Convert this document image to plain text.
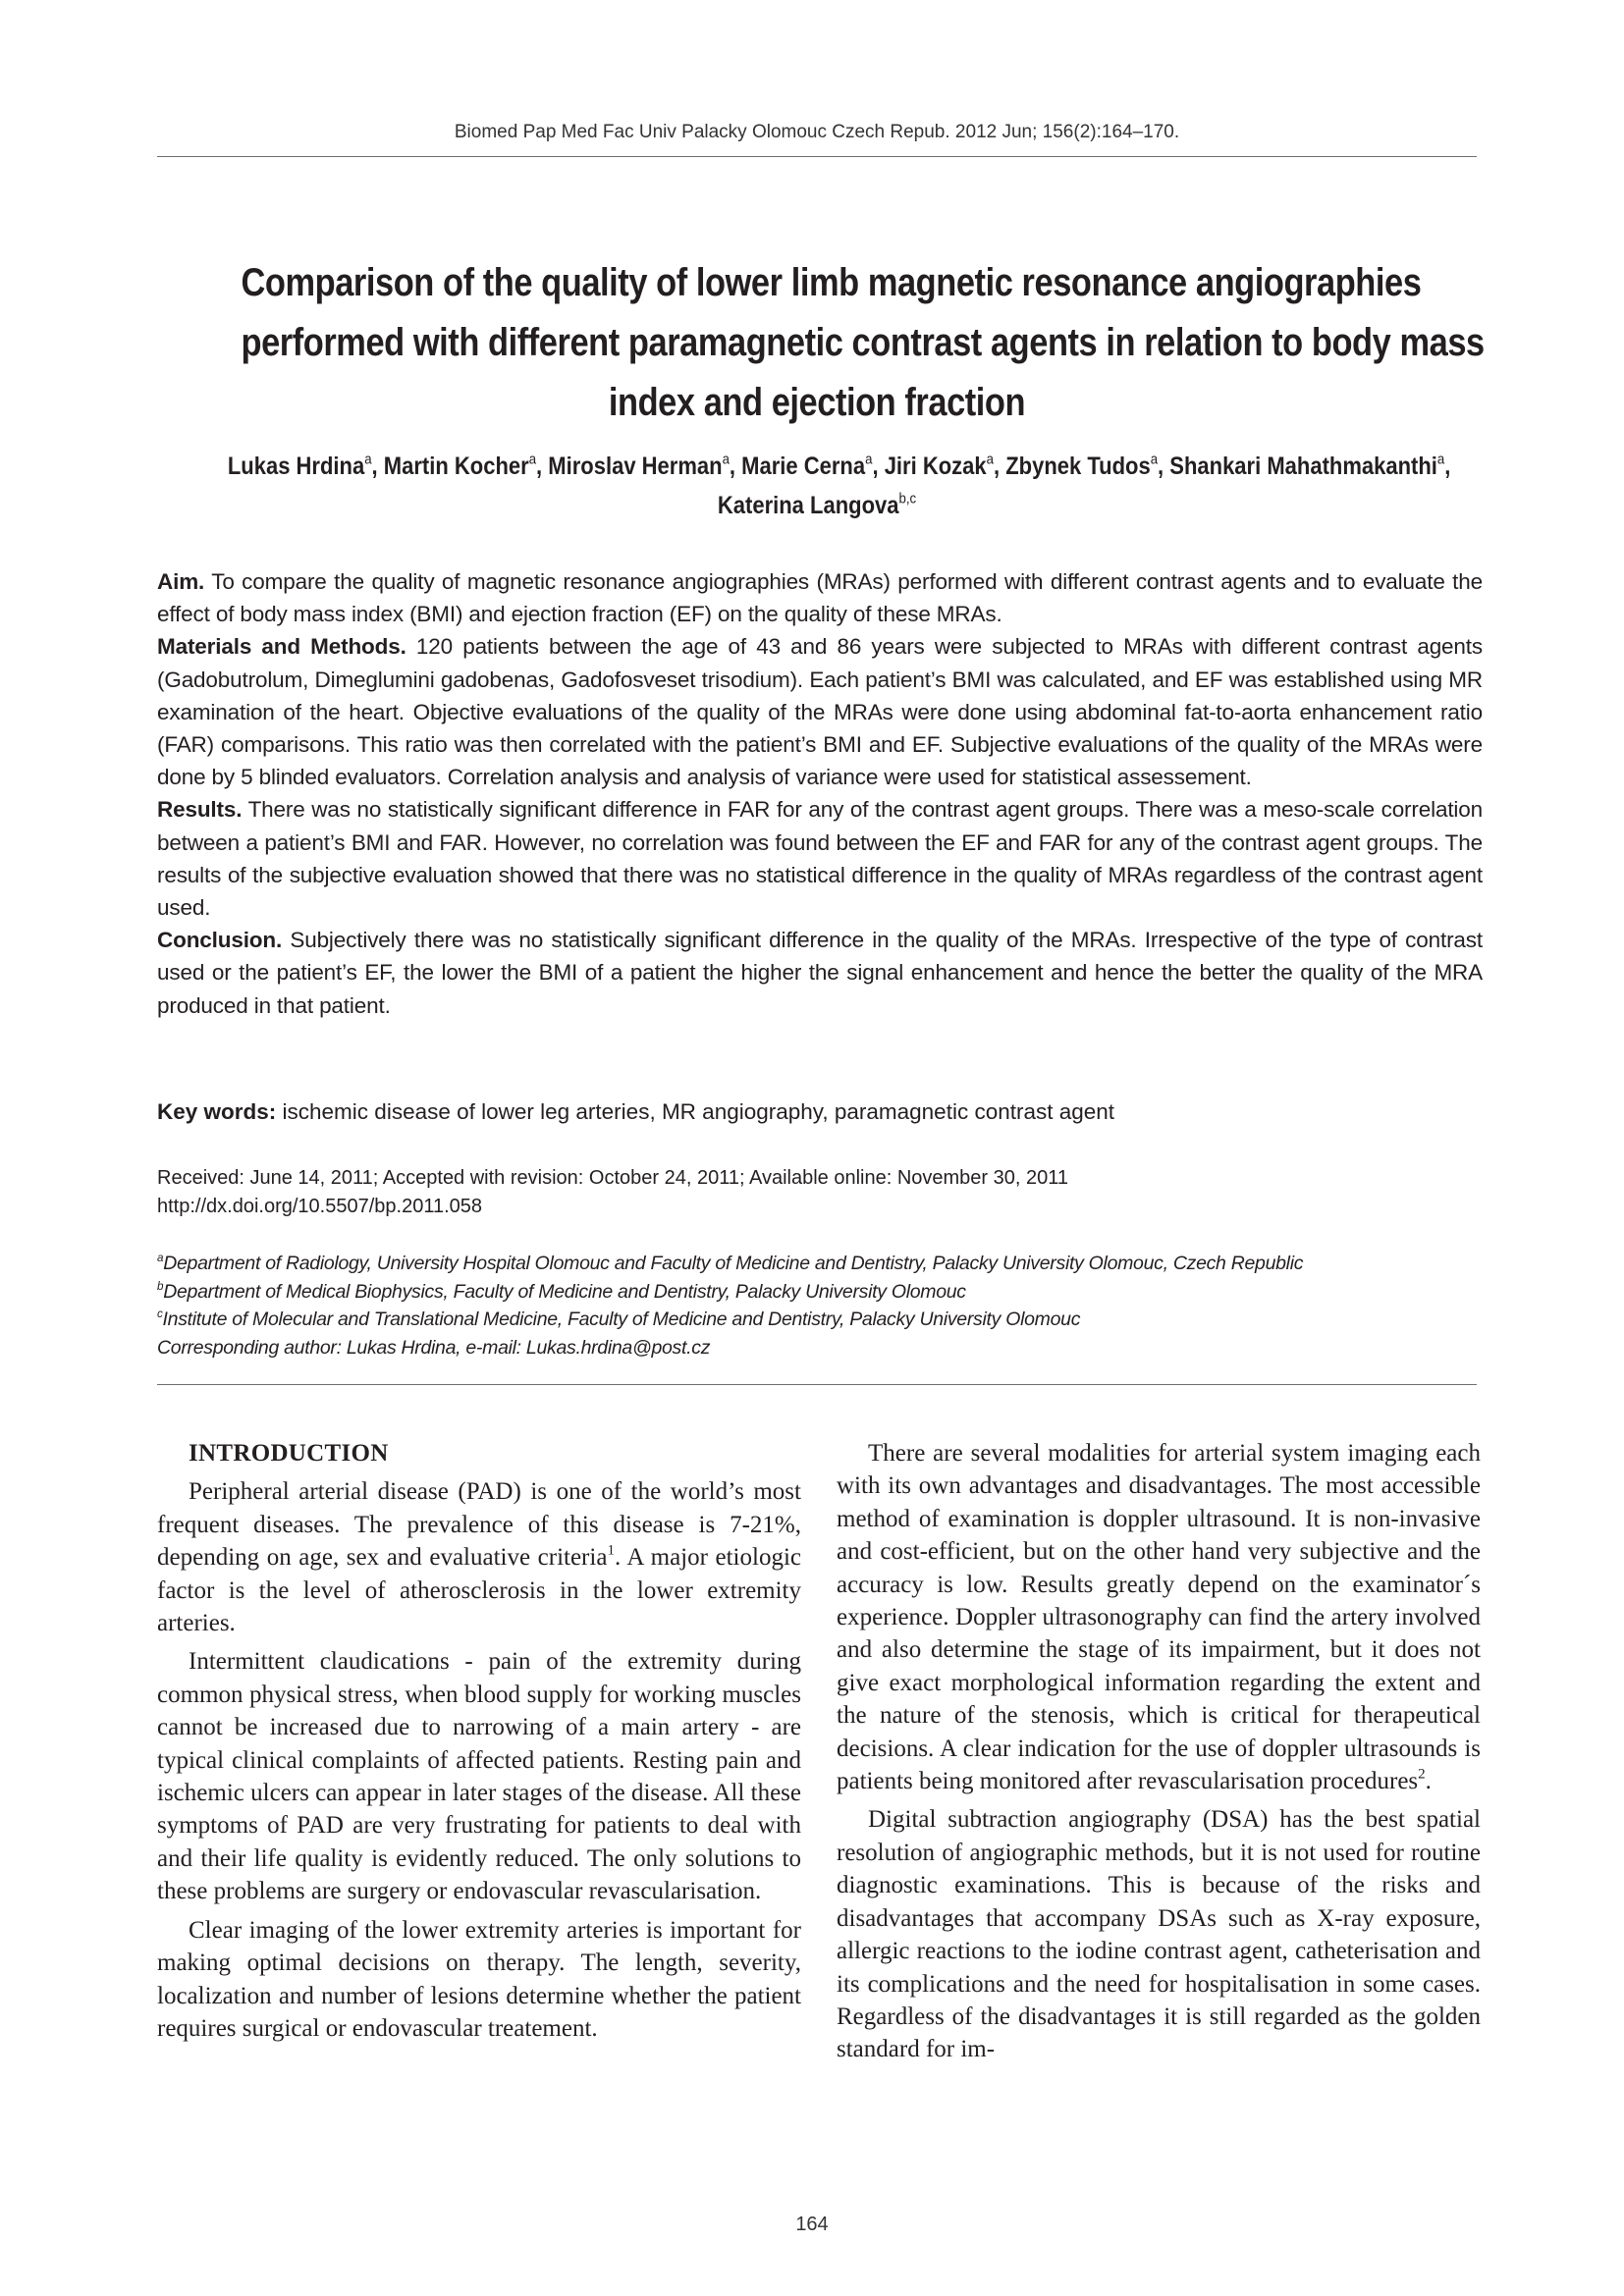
Biomed Pap Med Fac Univ Palacky Olomouc Czech Repub. 2012 Jun; 156(2):164–170.
Comparison of the quality of lower limb magnetic resonance angiographies
performed with different paramagnetic contrast agents in relation to body mass
index and ejection fraction
Lukas Hrdina$^a$, Martin Kocher$^a$, Miroslav Herman$^a$, Marie Cerna$^a$, Jiri Kozak$^a$, Zbynek Tudos$^a$, Shankari Mahathmakanthi$^a$,
Katerina Langova$^{b,c}$

Aim. To compare the quality of magnetic resonance angiographies (MRAs) performed with different contrast agents and to evaluate the effect of body mass index (BMI) and ejection fraction (EF) on the quality of these MRAs.

Materials and Methods. 120 patients between the age of 43 and 86 years were subjected to MRAs with different contrast agents (Gadobutrolum, Dimeglumini gadobenas, Gadofosveset trisodium). Each patient’s BMI was calculated, and EF was established using MR examination of the heart. Objective evaluations of the quality of the MRAs were done using abdominal fat-to-aorta enhancement ratio (FAR) comparisons. This ratio was then correlated with the patient’s BMI and EF. Subjective evaluations of the quality of the MRAs were done by 5 blinded evaluators. Correlation analysis and analysis of variance were used for statistical assessement.

Results. There was no statistically significant difference in FAR for any of the contrast agent groups. There was a meso-scale correlation between a patient’s BMI and FAR. However, no correlation was found between the EF and FAR for any of the contrast agent groups. The results of the subjective evaluation showed that there was no statistical difference in the quality of MRAs regardless of the contrast agent used.

Conclusion. Subjectively there was no statistically significant difference in the quality of the MRAs. Irrespective of the type of contrast used or the patient’s EF, the lower the BMI of a patient the higher the signal enhancement and hence the better the quality of the MRA produced in that patient.

Key words: ischemic disease of lower leg arteries, MR angiography, paramagnetic contrast agent
Received: June 14, 2011; Accepted with revision: October 24, 2011; Available online: November 30, 2011
http://dx.doi.org/10.5507/bp.2011.058
$^a$Department of Radiology, University Hospital Olomouc and Faculty of Medicine and Dentistry, Palacky University Olomouc, Czech Republic
$^b$Department of Medical Biophysics, Faculty of Medicine and Dentistry, Palacky University Olomouc
$^c$Institute of Molecular and Translational Medicine, Faculty of Medicine and Dentistry, Palacky University Olomouc
Corresponding author: Lukas Hrdina, e-mail: Lukas.hrdina@post.cz

INTRODUCTION

Peripheral arterial disease (PAD) is one of the world’s most frequent diseases. The prevalence of this disease is 7-21%, depending on age, sex and evaluative criteria$^1$. A major etiologic factor is the level of atherosclerosis in the lower extremity arteries.

Intermittent claudications - pain of the extremity during common physical stress, when blood supply for working muscles cannot be increased due to narrowing of a main artery - are typical clinical complaints of affected patients. Resting pain and ischemic ulcers can appear in later stages of the disease. All these symptoms of PAD are very frustrating for patients to deal with and their life quality is evidently reduced. The only solutions to these problems are surgery or endovascular revascularisation.

Clear imaging of the lower extremity arteries is important for making optimal decisions on therapy. The length, severity, localization and number of lesions determine whether the patient requires surgical or endovascular treatement.

There are several modalities for arterial system imaging each with its own advantages and disadvantages. The most accessible method of examination is doppler ultrasound. It is non-invasive and cost-efficient, but on the other hand very subjective and the accuracy is low. Results greatly depend on the examinator´s experience. Doppler ultrasonography can find the artery involved and also determine the stage of its impairment, but it does not give exact morphological information regarding the extent and the nature of the stenosis, which is critical for therapeutical decisions. A clear indication for the use of doppler ultrasounds is patients being monitored after revascularisation procedures$^2$.

Digital subtraction angiography (DSA) has the best spatial resolution of angiographic methods, but it is not used for routine diagnostic examinations. This is because of the risks and disadvantages that accompany DSAs such as X-ray exposure, allergic reactions to the iodine contrast agent, catheterisation and its complications and the need for hospitalisation in some cases. Regardless of the disadvantages it is still regarded as the golden standard for im-

164
